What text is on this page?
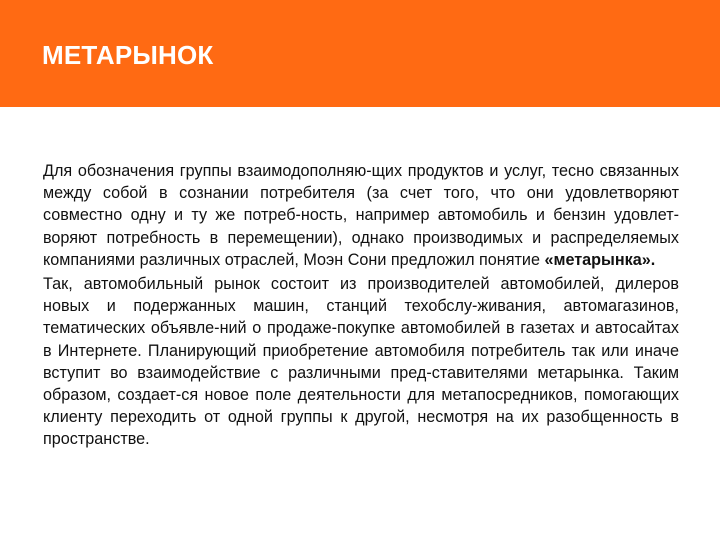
МЕТАРЫНОК

Для обозначения группы взаимодополняю-щих продуктов и услуг, тесно связанных между собой в сознании потребителя (за счет того, что они удовлетворяют совместно одну и ту же потреб-ность, например автомобиль и бензин удовлет-воряют потребность в перемещении), однако производимых и распределяемых компаниями различных отраслей, Моэн Сони предложил понятие «метарынка».

Так, автомобильный рынок состоит из производителей автомобилей, дилеров новых и подержанных машин, станций техобслу-живания, автомагазинов, тематических объявле-ний о продаже-покупке автомобилей в газетах и автосайтах в Интернете. Планирующий приобретение автомобиля потребитель так или иначе вступит во взаимодействие с различными пред-ставителями метарынка. Таким образом, создает-ся новое поле деятельности для метапосредников, помогающих клиенту переходить от одной группы к другой, несмотря на их разобщенность в пространстве.
